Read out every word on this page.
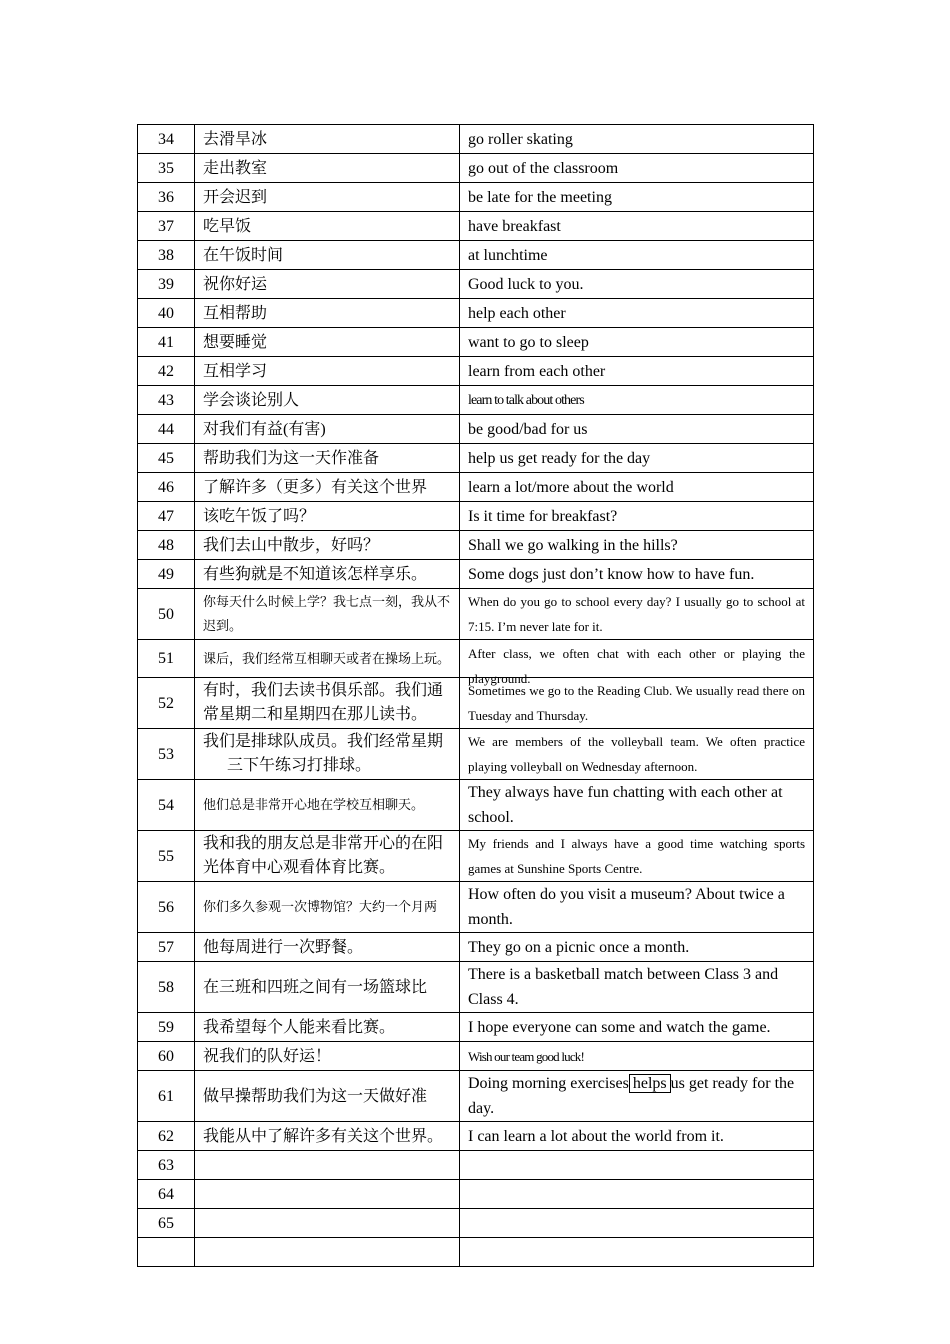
34	去滑旱冰	go roller skating
35	走出教室	go out of the classroom
36	开会迟到	be late for the meeting
37	吃早饭	have breakfast
38	在午饭时间	at lunchtime
39	祝你好运	Good luck to you.
40	互相帮助	help each other
41	想要睡觉	want to go to sleep
42	互相学习	learn from each other
43	学会谈论别人	learn to talk about others
44	对我们有益(有害)	be good/bad for us
45	帮助我们为这一天作准备	help us get ready for the day
46	了解许多（更多）有关这个世界	learn a lot/more about the world
47	该吃午饭了吗？	Is it time for breakfast?
48	我们去山中散步，好吗？	Shall we go walking in the hills?
49	有些狗就是不知道该怎样享乐。	Some dogs just don’t know how to have fun.
50	你每天什么时候上学？我七点一刻，我从不迟到。	When do you go to school every day? I usually go to school at 7:15. I’m never late for it.
51	课后，我们经常互相聊天或者在操场上玩。	After class, we often chat with each other or playing the playground.

52	有时，我们去读书俱乐部。我们通常星期二和星期四在那儿读书。	Sometimes we go to the Reading Club. We usually read there on Tuesday and Thursday.
53	我们是排球队成员。我们经常星期
三下午练习打排球。	We are members of the volleyball team. We often practice playing volleyball on Wednesday afternoon.
54	他们总是非常开心地在学校互相聊天。	They always have fun chatting with each other at school.
55	我和我的朋友总是非常开心的在阳光体育中心观看体育比赛。	My friends and I always have a good time watching sports games at Sunshine Sports Centre.
56	你们多久参观一次博物馆？大约一个月两	How often do you visit a museum? About twice a month.
57	他每周进行一次野餐。	They go on a picnic once a month.
58	在三班和四班之间有一场篮球比	There is a basketball match between Class 3 and Class 4.
59	我希望每个人能来看比赛。	I hope everyone can some and watch the game.
60	祝我们的队好运！	Wish our team good luck!
61	做早操帮助我们为这一天做好准	Doing morning exercises helps us get ready for the day.
62	我能从中了解许多有关这个世界。	I can learn a lot about the world from it.
63		
64		
65		
